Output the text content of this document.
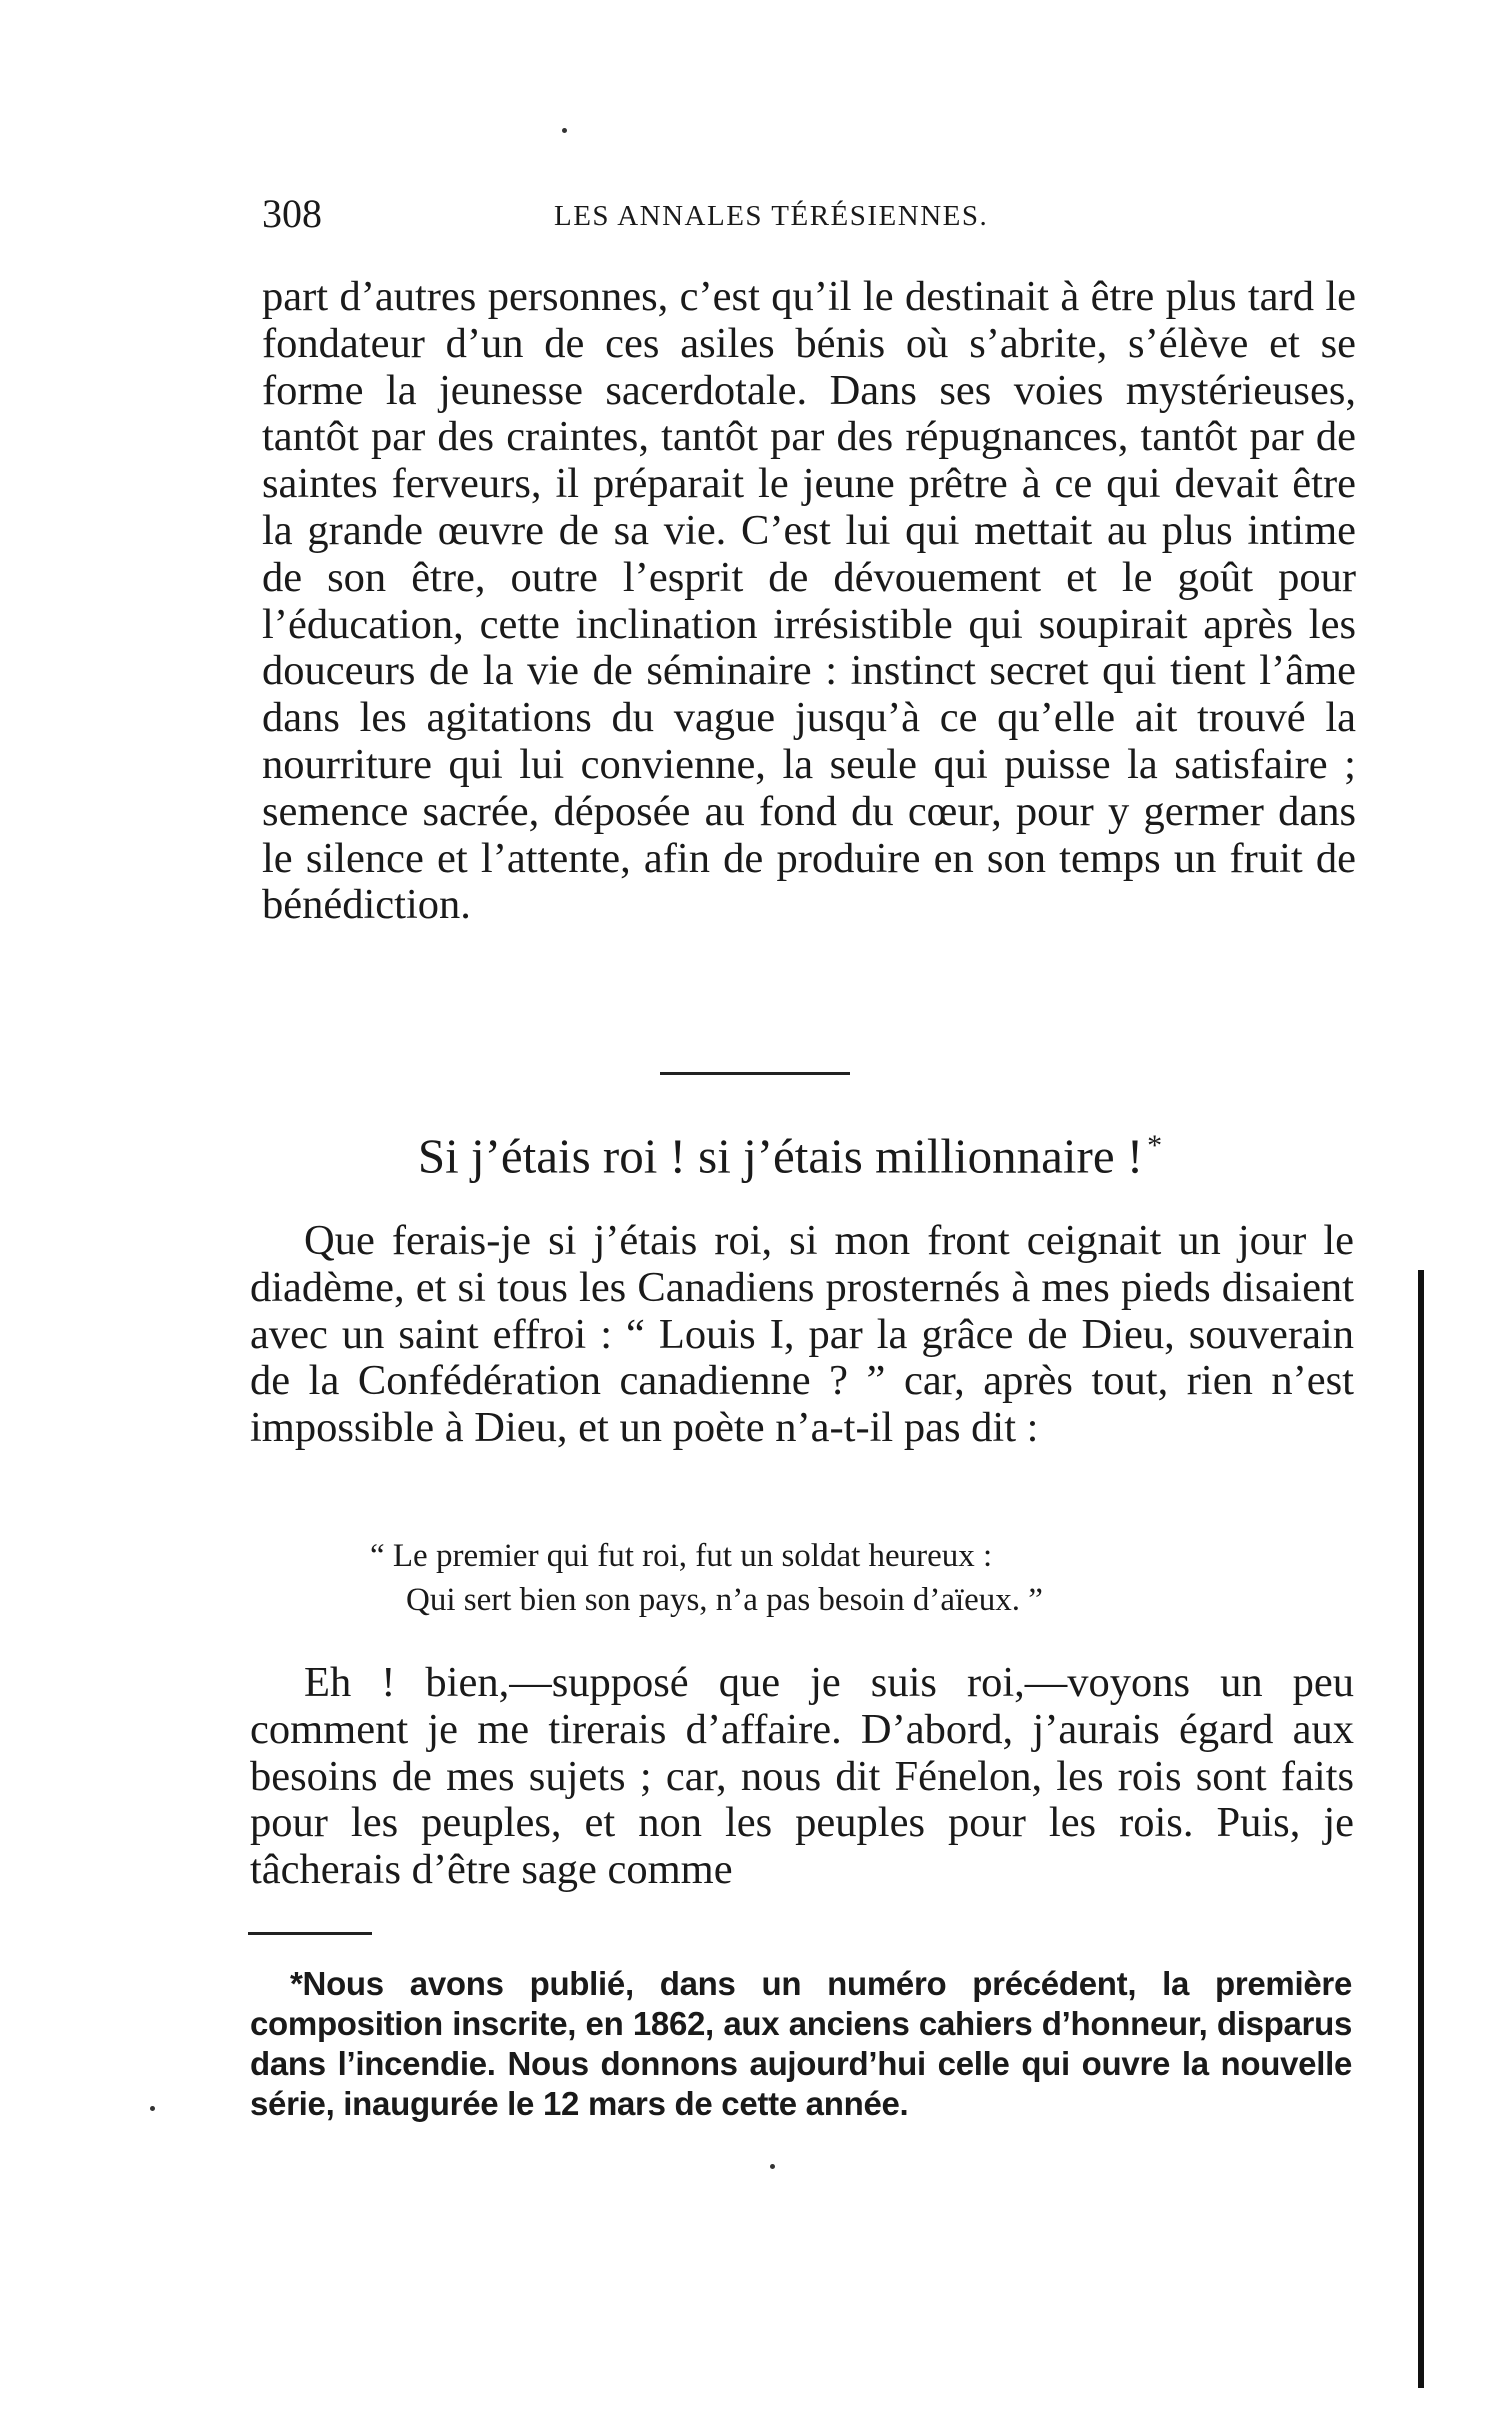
308	LES ANNALES TÉRÉSIENNES.

part d’autres personnes, c’est qu’il le destinait à être plus tard le fondateur d’un de ces asiles bénis où s’abrite, s’élève et se forme la jeunesse sacerdotale. Dans ses voies mystérieuses, tantôt par des craintes, tantôt par des répugnances, tantôt par de saintes ferveurs, il préparait le jeune prêtre à ce qui devait être la grande œuvre de sa vie. C’est lui qui mettait au plus intime de son être, outre l’esprit de dévouement et le goût pour l’éducation, cette inclination irrésistible qui soupirait après les douceurs de la vie de séminaire : instinct secret qui tient l’âme dans les agitations du vague jusqu’à ce qu’elle ait trouvé la nourriture qui lui convienne, la seule qui puisse la satisfaire ; semence sacrée, déposée au fond du cœur, pour y germer dans le silence et l’attente, afin de produire en son temps un fruit de bénédiction.

Si j’étais roi ! si j’étais millionnaire ! *

Que ferais-je si j’étais roi, si mon front ceignait un jour le diadème, et si tous les Canadiens prosternés à mes pieds disaient avec un saint effroi : “ Louis I, par la grâce de Dieu, souverain de la Confédération canadienne ? ” car, après tout, rien n’est impossible à Dieu, et un poète n’a-t-il pas dit :

“ Le premier qui fut roi, fut un soldat heureux :
Qui sert bien son pays, n’a pas besoin d’aïeux. ”

Eh ! bien,—supposé que je suis roi,—voyons un peu comment je me tirerais d’affaire. D’abord, j’aurais égard aux besoins de mes sujets ; car, nous dit Fénelon, les rois sont faits pour les peuples, et non les peuples pour les rois. Puis, je tâcherais d’être sage comme

*Nous avons publié, dans un numéro précédent, la première composition inscrite, en 1862, aux anciens cahiers d’honneur, disparus dans l’incendie. Nous donnons aujourd’hui celle qui ouvre la nouvelle série, inaugurée le 12 mars de cette année.
